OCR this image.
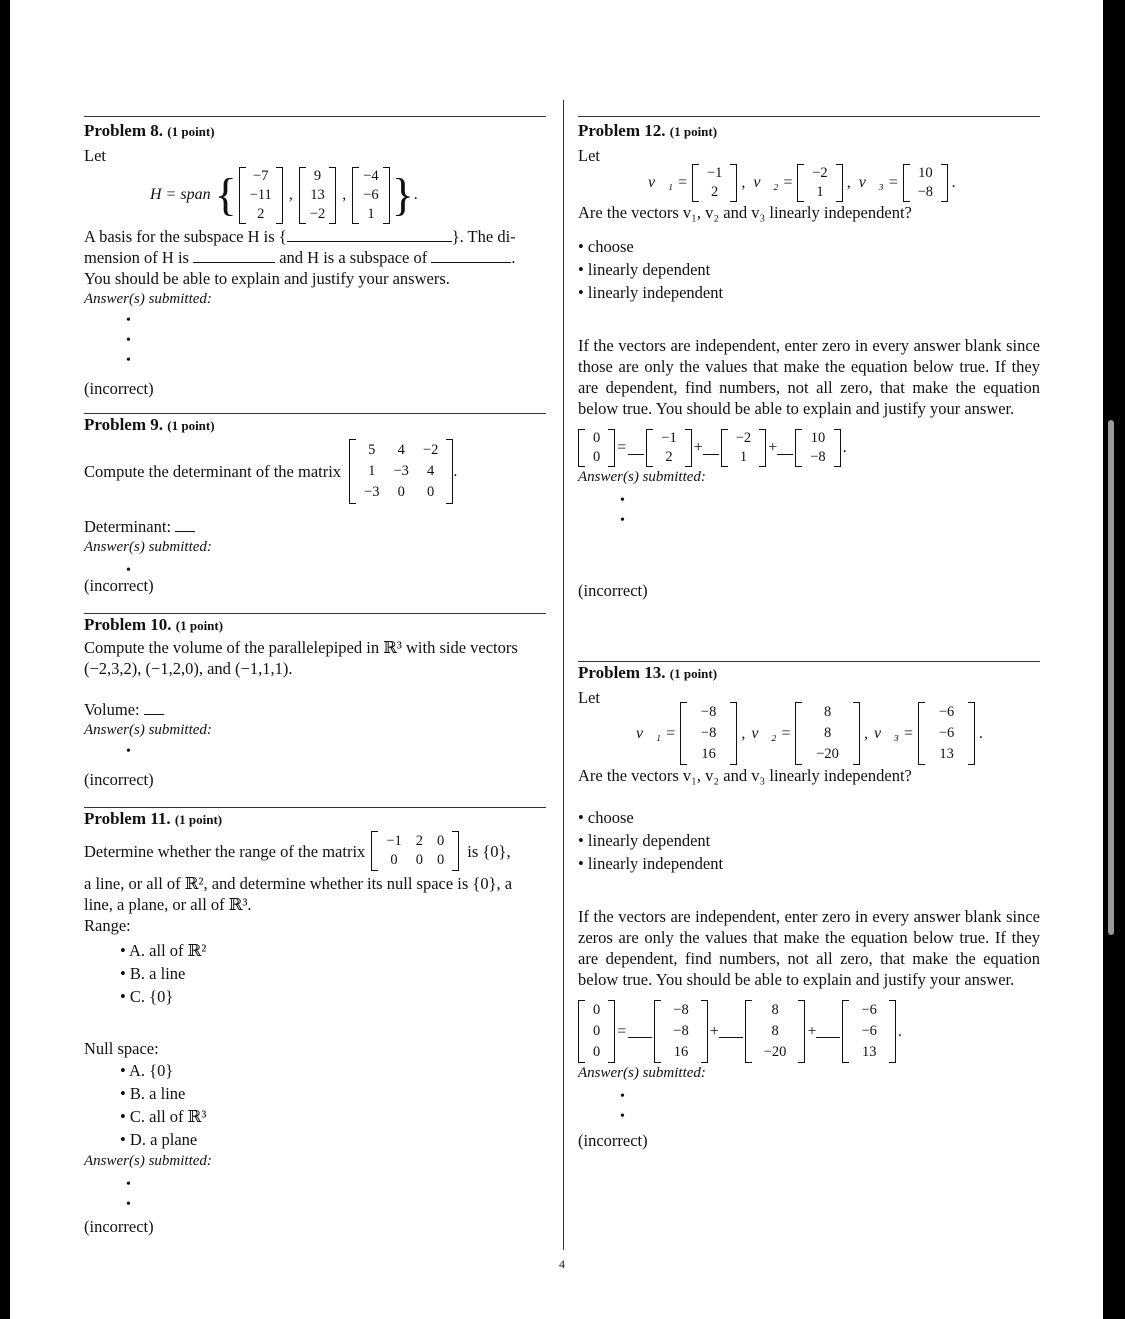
Problem 8. (1 point)
Let
H = span { −7
−11
2
,
9
13
−2
,
−4
−6
1 } .
A basis for the subspace H is {	}. The di-
mension of H is	and H is a subspace of	.
You should be able to explain and justify your answers.
Answer(s) submitted:
•
•
•
(incorrect)
Problem 9. (1 point)
Compute the determinant of the matrix
5 4 −2
1 −3 4
−3 0 0
.
Determinant:
Answer(s) submitted:
•
(incorrect)
Problem 10. (1 point)
Compute the volume of the parallelepiped in ℝ³ with side vectors
(−2,3,2), (−1,2,0), and (−1,1,1).
Volume:
Answer(s) submitted:
•
(incorrect)
Problem 11. (1 point)
Determine whether the range of the matrix
−1 2 0
0 0 0 is {0},
a line, or all of ℝ², and determine whether its null space is {0}, a
line, a plane, or all of ℝ³.
Range:
• A. all of ℝ²
• B. a line
• C. {0}
Null space:
• A. {0}
• B. a line
• C. all of ℝ³
• D. a plane
Answer(s) submitted:
•
•
(incorrect)
Problem 12. (1 point)
Let
v⃗₁ =
−1
2
, v⃗₂ =
−2
1
, v⃗₃ =
10
−8
.
Are the vectors v₁, v₂ and v₃ linearly independent?
• choose
• linearly dependent
• linearly independent
If the vectors are independent, enter zero in every answer blank since those are only the values that make the equation below true. If they are dependent, find numbers, not all zero, that make the equation below true. You should be able to explain and justify your answer.
0
0
=
−1
2
+
−2
1
+
10
−8
.
Answer(s) submitted:
•
•
(incorrect)
Problem 13. (1 point)
Let
v⃗₁ =
−8
−8
16
, v⃗₂ =
8
8
−20
, v⃗₃ =
−6
−6
13
.
Are the vectors v₁, v₂ and v₃ linearly independent?
• choose
• linearly dependent
• linearly independent
If the vectors are independent, enter zero in every answer blank since zeros are only the values that make the equation below true. If they are dependent, find numbers, not all zero, that make the equation below true. You should be able to explain and justify your answer.
0
0
0
=
−8
−8
16
+
8
8
−20
+
−6
−6
13
.
Answer(s) submitted:
•
•
(incorrect)
4
